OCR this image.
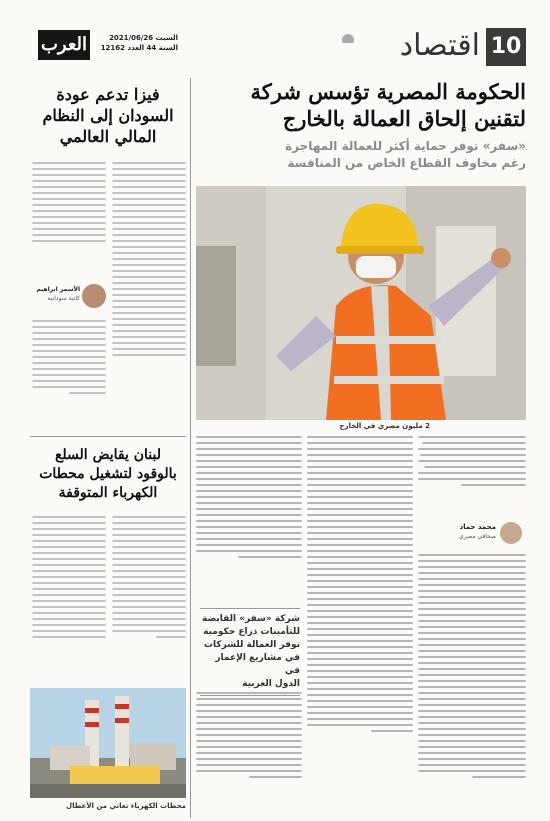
10
اقتصاد
السبت 2021/06/26
السنة 44 العدد 12162
العرب
الحكومة المصرية تؤسس شركة
لتقنين إلحاق العمالة بالخارج
«سفر» توفر حماية أكثر للعمالة المهاجرة
رغم مخاوف القطاع الخاص من المنافسة
2 مليون مصري في الخارج
محمد حماد
صحافي مصري
شركة «سفر» القابضة
للتأمينات ذراع حكومية
توفر العمالة للشركات
في مشاريع الإعمار في
الدول العربية
فيزا تدعم عودة
السودان إلى النظام
المالي العالمي
الأسمر ابراهيم
كاتبة سودانية
لبنان يقايض السلع
بالوقود لتشغيل محطات
الكهرباء المتوقفة
محطات الكهرباء تعاني من الأعطال
